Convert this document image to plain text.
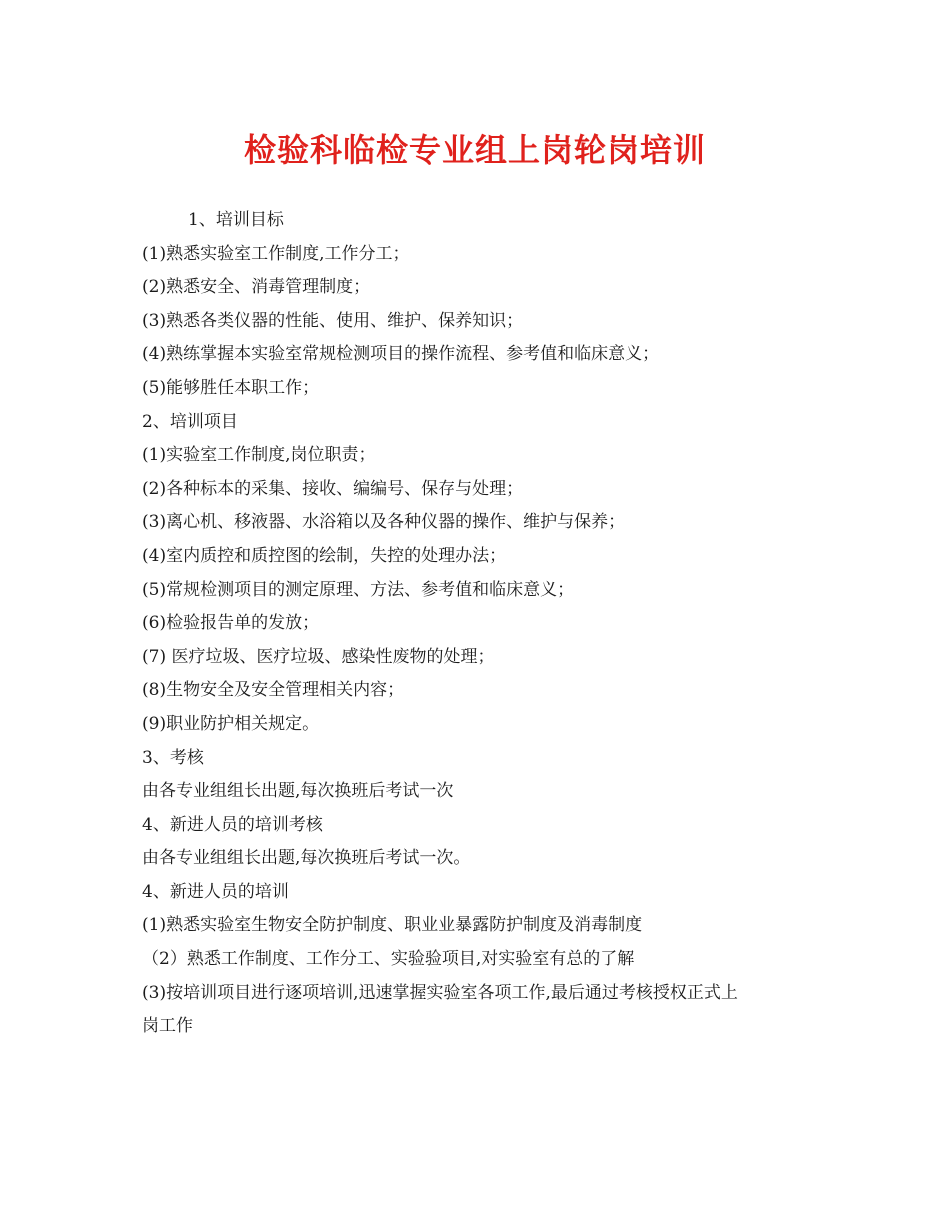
检验科临检专业组上岗轮岗培训
1、培训目标
(1)熟悉实验室工作制度,工作分工；
(2)熟悉安全、消毒管理制度；
(3)熟悉各类仪器的性能、使用、维护、保养知识；
(4)熟练掌握本实验室常规检测项目的操作流程、参考值和临床意义；
(5)能够胜任本职工作；
2、培训项目
(1)实验室工作制度,岗位职责；
(2)各种标本的采集、接收、编编号、保存与处理；
(3)离心机、移液器、水浴箱以及各种仪器的操作、维护与保养；
(4)室内质控和质控图的绘制，失控的处理办法；
(5)常规检测项目的测定原理、方法、参考值和临床意义；
(6)检验报告单的发放；
(7) 医疗垃圾、医疗垃圾、感染性废物的处理；
(8)生物安全及安全管理相关内容；
(9)职业防护相关规定。
3、考核
由各专业组组长出题,每次换班后考试一次
4、新进人员的培训考核
由各专业组组长出题,每次换班后考试一次。
4、新进人员的培训
(1)熟悉实验室生物安全防护制度、职业业暴露防护制度及消毒制度
（2）熟悉工作制度、工作分工、实验验项目,对实验室有总的了解
(3)按培训项目进行逐项培训,迅速掌握实验室各项工作,最后通过考核授权正式上
岗工作
